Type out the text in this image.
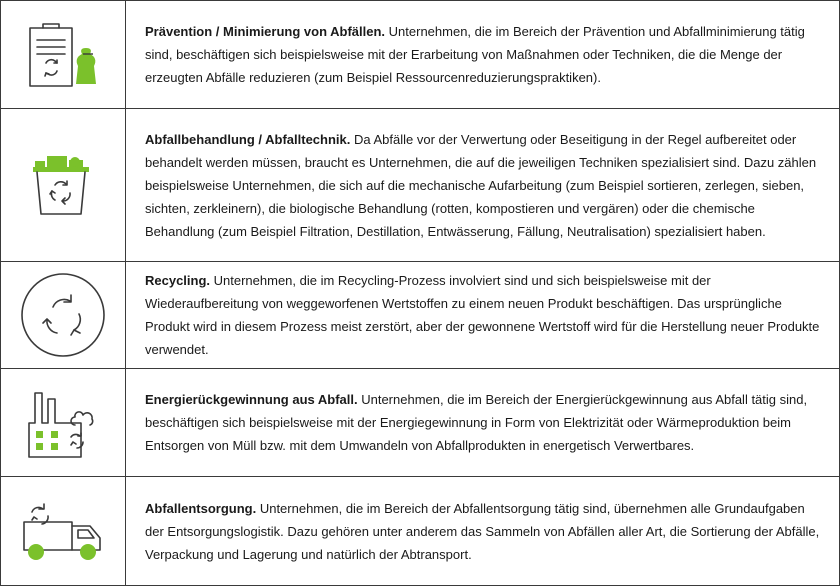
Prävention / Minimierung von Abfällen. Unternehmen, die im Bereich der Prävention und Abfallminimierung tätig sind, beschäftigen sich beispielsweise mit der Erarbeitung von Maßnahmen oder Techniken, die die Menge der erzeugten Abfälle reduzieren (zum Beispiel Ressourcenreduzierungspraktiken).

Abfallbehandlung / Abfalltechnik. Da Abfälle vor der Verwertung oder Beseitigung in der Regel aufbereitet oder behandelt werden müssen, braucht es Unternehmen, die auf die jeweiligen Techniken spezialisiert sind. Dazu zählen beispielsweise Unternehmen, die sich auf die mechanische Aufarbeitung (zum Beispiel sortieren, zerlegen, sieben, sichten, zerkleinern), die biologische Behandlung (rotten, kompostieren und vergären) oder die chemische Behandlung (zum Beispiel Filtration, Destillation, Entwässerung, Fällung, Neutralisation) spezialisiert haben.

Recycling. Unternehmen, die im Recycling-Prozess involviert sind und sich beispielsweise mit der Wiederaufbereitung von weggeworfenen Wertstoffen zu einem neuen Produkt beschäftigen. Das ursprüngliche Produkt wird in diesem Prozess meist zerstört, aber der gewonnene Wertstoff wird für die Herstellung neuer Produkte verwendet.

Energierückgewinnung aus Abfall. Unternehmen, die im Bereich der Energierückgewinnung aus Abfall tätig sind, beschäftigen sich beispielsweise mit der Energiegewinnung in Form von Elektrizität oder Wärmeproduktion beim Entsorgen von Müll bzw. mit dem Umwandeln von Abfallprodukten in energetisch Verwertbares.

Abfallentsorgung. Unternehmen, die im Bereich der Abfallentsorgung tätig sind, übernehmen alle Grundaufgaben der Entsorgungslogistik. Dazu gehören unter anderem das Sammeln von Abfällen aller Art, die Sortierung der Abfälle, Verpackung und Lagerung und natürlich der Abtransport.
